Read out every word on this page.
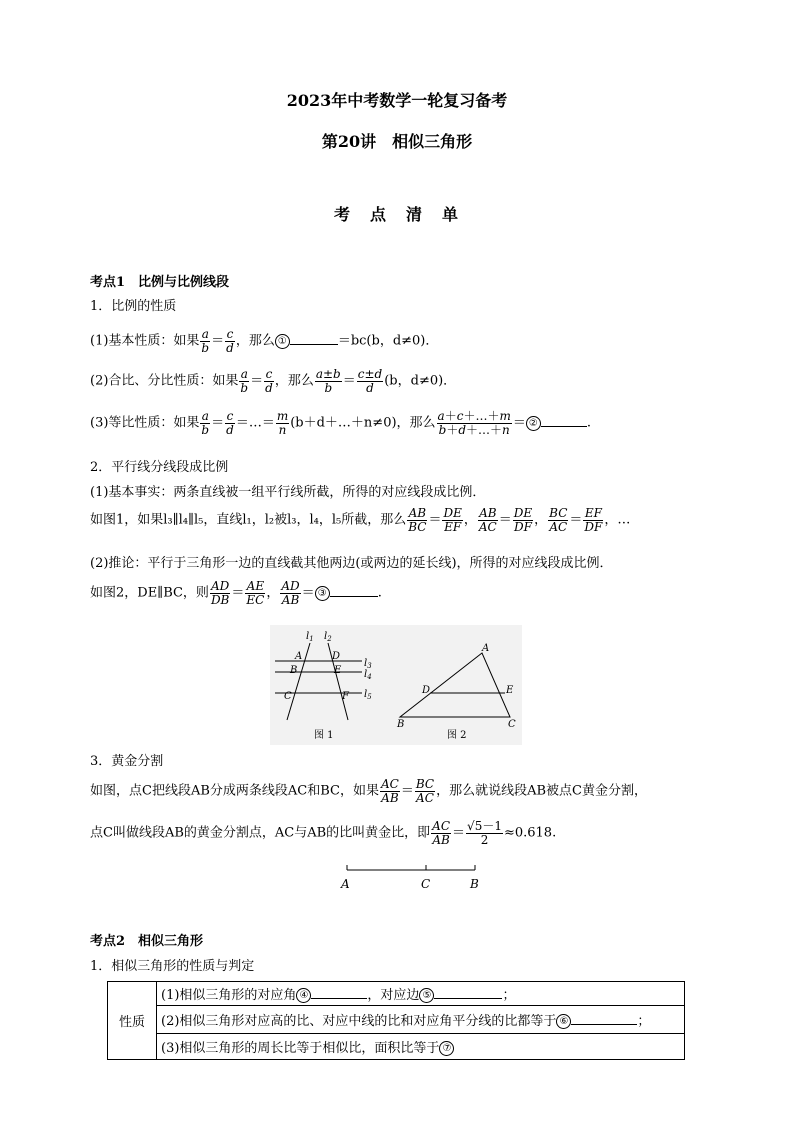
2023年中考数学一轮复习备考
第20讲　相似三角形
考　点　清　单
考点1　比例与比例线段
1．比例的性质
(1)基本性质：如果 $\frac{a}{b} = \frac{c}{d}$ ，那么 ①	＝bc(b，d≠0)．
(2)合比、分比性质：如果 $\frac{a}{b} = \frac{c}{d}$ ，那么 $\frac{a\pm b}{b} = \frac{c\pm d}{d} (b$，d≠0)．
(3)等比性质：如果 $\frac{a}{b} = \frac{c}{d}$ ＝…＝ $\frac{m}{n}$ (b＋d＋…＋n≠0)，那么 $\frac{a+c+\dots+m}{b+d+\dots+n}$ ＝ ②	.
2．平行线分线段成比例
(1)基本事实：两条直线被一组平行线所截，所得的对应线段成比例．
如图1，如果l₃∥l₄∥l₅，直线l₁，l₂被l₃，l₄，l₅所截，那么 $\frac{AB}{BC} = \frac{DE}{EF}$ ， $\frac{AB}{AC} = \frac{DE}{DF}$ ， $\frac{BC}{AC} = \frac{EF}{DF}$ ，…
(2)推论：平行于三角形一边的直线截其他两边(或两边的延长线)，所得的对应线段成比例．
如图2，DE∥BC，则 $\frac{AD}{DB} = \frac{AE}{EC}$ ， $\frac{AD}{AB}$ ＝ ③	.
$l_1$ $l_2$
A
B
C
D
E
F
$l_3$
$l_4$
$l_5$
图 1
A
D	E
B	C
图 2
3．黄金分割
如图，点C把线段AB分成两条线段AC和BC，如果 $\frac{AC}{AB} = \frac{BC}{AC}$ ，那么就说线段AB被点C黄金分割，
点C叫做线段AB的黄金分割点，AC与AB的比叫黄金比，即 $\frac{AC}{AB} = \frac{√5-1}{2} \approx 0.618$.
A	C	B
考点2　相似三角形
1．相似三角形的性质与判定
性质	(1)相似三角形的对应角 ④	，对应边 ⑤	；
(2)相似三角形对应高的比、对应中线的比和对应角平分线的比都等于 ⑥	；
(3)相似三角形的周长比等于相似比，面积比等于 ⑦
